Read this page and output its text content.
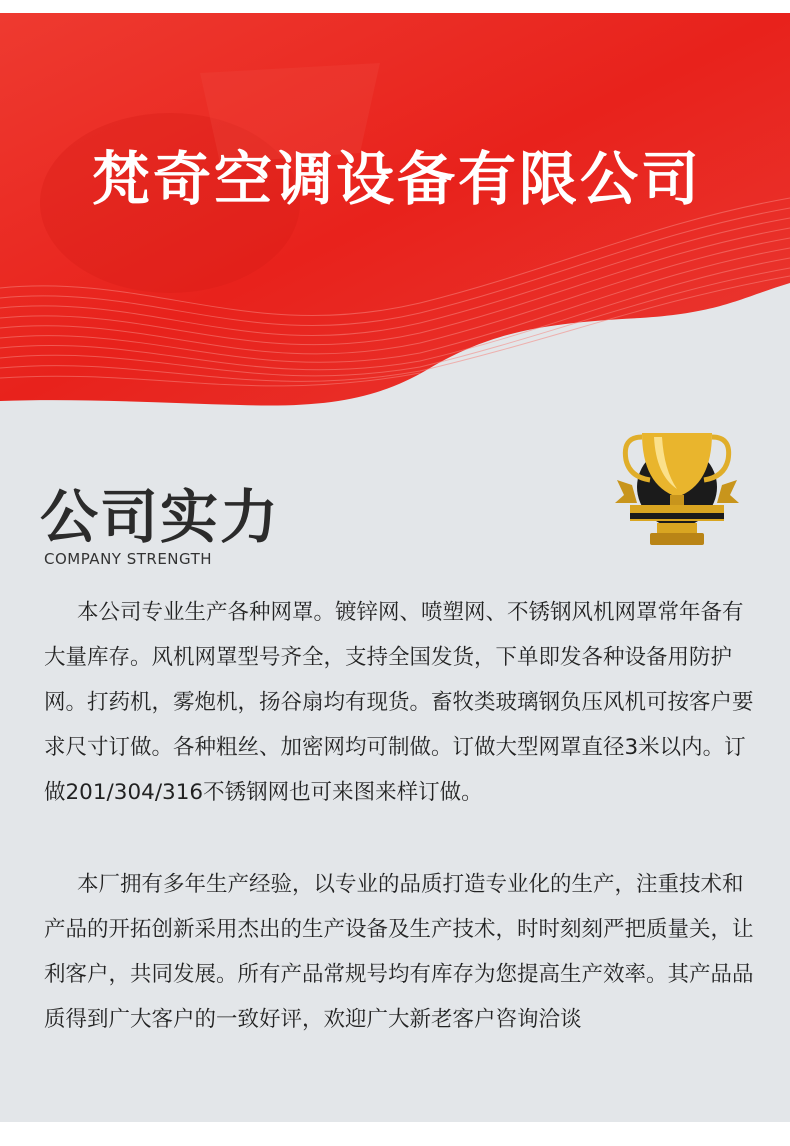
梵奇空调设备有限公司
公司实力
COMPANY STRENGTH
本公司专业生产各种网罩。镀锌网、喷塑网、不锈钢风机网罩常年备有大量库存。风机网罩型号齐全，支持全国发货，下单即发各种设备用防护网。打药机，雾炮机，扬谷扇均有现货。畜牧类玻璃钢负压风机可按客户要求尺寸订做。各种粗丝、加密网均可制做。订做大型网罩直径3米以内。订做201/304/316不锈钢网也可来图来样订做。
本厂拥有多年生产经验，以专业的品质打造专业化的生产，注重技术和产品的开拓创新采用杰出的生产设备及生产技术，时时刻刻严把质量关，让利客户，共同发展。所有产品常规号均有库存为您提高生产效率。其产品品质得到广大客户的一致好评，欢迎广大新老客户咨询洽谈
